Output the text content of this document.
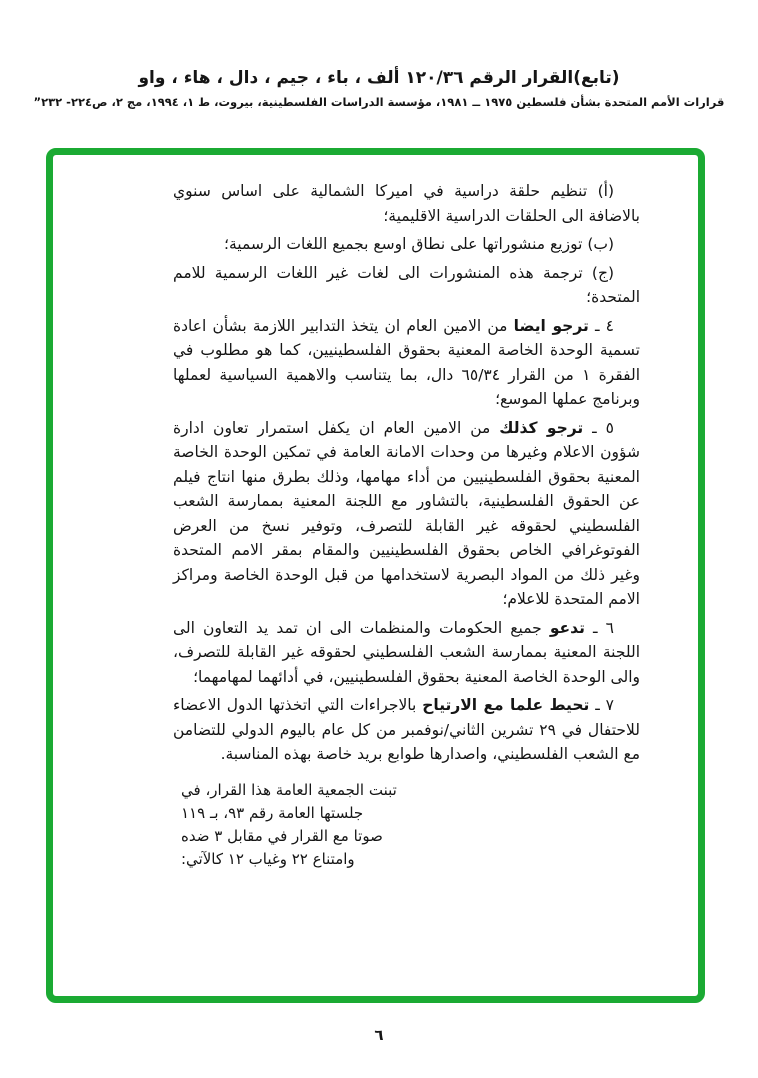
(تابع)القرار الرقم ١٢٠/٣٦ ألف ، باء ، جيم ، دال ، هاء ، واو
قرارات الأمم المتحدة بشأن فلسطين ١٩٧٥ ــ ١٩٨١، مؤسسة الدراسات الفلسطينية، بيروت، ط ١، ١٩٩٤، مج ٢، ص٢٢٤- ٢٣٢”

(أ) تنظيم حلقة دراسية في اميركا الشمالية على اساس سنوي بالاضافة الى الحلقات الدراسية الاقليمية؛

(ب) توزيع منشوراتها على نطاق اوسع بجميع اللغات الرسمية؛

(ج) ترجمة هذه المنشورات الى لغات غير اللغات الرسمية للامم المتحدة؛

٤ ـ ترجو ايضا من الامين العام ان يتخذ التدابير اللازمة بشأن اعادة تسمية الوحدة الخاصة المعنية بحقوق الفلسطينيين، كما هو مطلوب في الفقرة ١ من القرار ٦٥/٣٤ دال، بما يتناسب والاهمية السياسية لعملها وبرنامج عملها الموسع؛

٥ ـ ترجو كذلك من الامين العام ان يكفل استمرار تعاون ادارة شؤون الاعلام وغيرها من وحدات الامانة العامة في تمكين الوحدة الخاصة المعنية بحقوق الفلسطينيين من أداء مهامها، وذلك بطرق منها انتاج فيلم عن الحقوق الفلسطينية، بالتشاور مع اللجنة المعنية بممارسة الشعب الفلسطيني لحقوقه غير القابلة للتصرف، وتوفير نسخ من العرض الفوتوغرافي الخاص بحقوق الفلسطينيين والمقام بمقر الامم المتحدة وغير ذلك من المواد البصرية لاستخدامها من قبل الوحدة الخاصة ومراكز الامم المتحدة للاعلام؛

٦ ـ تدعو جميع الحكومات والمنظمات الى ان تمد يد التعاون الى اللجنة المعنية بممارسة الشعب الفلسطيني لحقوقه غير القابلة للتصرف، والى الوحدة الخاصة المعنية بحقوق الفلسطينيين، في أدائهما لمهامهما؛

٧ ـ تحيط علما مع الارتياح بالاجراءات التي اتخذتها الدول الاعضاء للاحتفال في ٢٩ تشرين الثاني/نوفمبر من كل عام باليوم الدولي للتضامن مع الشعب الفلسطيني، واصدارها طوابع بريد خاصة بهذه المناسبة.

تبنت الجمعية العامة هذا القرار، في
جلستها العامة رقم ٩٣، بـ ١١٩
صوتا مع القرار في مقابل ٣ ضده
وامتناع ٢٢ وغياب ١٢ كالآتي:
٦
